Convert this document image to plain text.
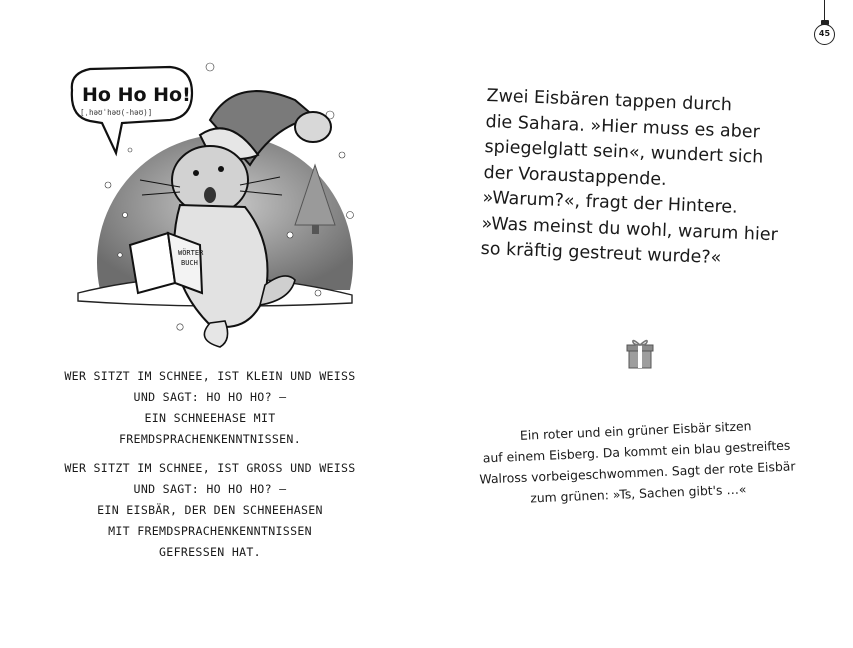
WÖRTER
BUCH
Ho Ho Ho!
[ˌhəʊˈhəʊ(-həʊ)]
WER SITZT IM SCHNEE, IST KLEIN UND WEISS
UND SAGT: HO HO HO? –
EIN SCHNEEHASE MIT
FREMDSPRACHENKENNTNISSEN.
WER SITZT IM SCHNEE, IST GROSS UND WEISS
UND SAGT: HO HO HO? –
EIN EISBÄR, DER DEN SCHNEEHASEN
MIT FREMDSPRACHENKENNTNISSEN
GEFRESSEN HAT.
45
Zwei Eisbären tappen durch
die Sahara. »Hier muss es aber
spiegelglatt sein«, wundert sich
der Voraustappende.
»Warum?«, fragt der Hintere.
»Was meinst du wohl, warum hier
so kräftig gestreut wurde?«
Ein roter und ein grüner Eisbär sitzen
auf einem Eisberg. Da kommt ein blau gestreiftes
Walross vorbeigeschwommen. Sagt der rote Eisbär
zum grünen: »Ts, Sachen gibt's …«
